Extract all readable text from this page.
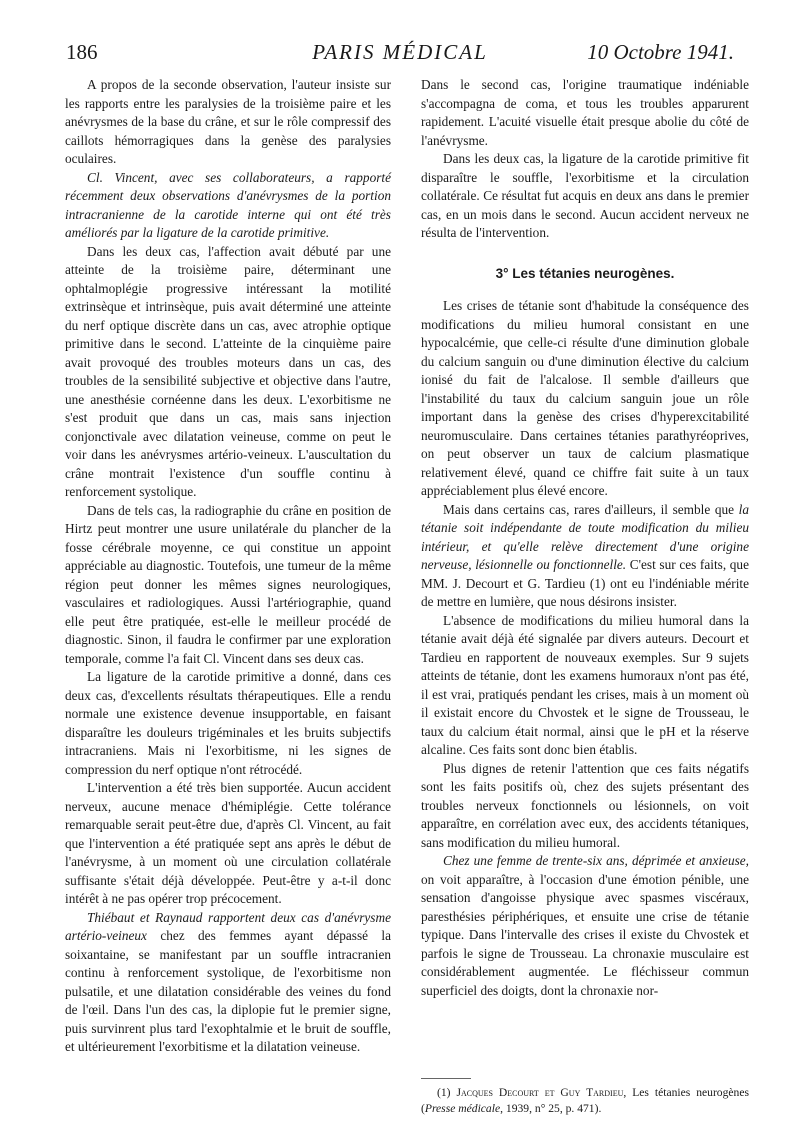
186	PARIS MÉDICAL	10 Octobre 1941.

A propos de la seconde observation, l'auteur insiste sur les rapports entre les paralysies de la troisième paire et les anévrysmes de la base du crâne, et sur le rôle compressif des caillots hémorragiques dans la genèse des paralysies oculaires.

Cl. Vincent, avec ses collaborateurs, a rapporté récemment deux observations d'anévrysmes de la portion intracranienne de la carotide interne qui ont été très améliorés par la ligature de la carotide primitive.

Dans les deux cas, l'affection avait débuté par une atteinte de la troisième paire, déterminant une ophtalmoplégie progressive intéressant la motilité extrinsèque et intrinsèque, puis avait déterminé une atteinte du nerf optique discrète dans un cas, avec atrophie optique primitive dans le second. L'atteinte de la cinquième paire avait provoqué des troubles moteurs dans un cas, des troubles de la sensibilité subjective et objective dans l'autre, une anesthésie cornéenne dans les deux. L'exorbitisme ne s'est produit que dans un cas, mais sans injection conjonctivale avec dilatation veineuse, comme on peut le voir dans les anévrysmes artério-veineux. L'auscultation du crâne montrait l'existence d'un souffle continu à renforcement systolique.

Dans de tels cas, la radiographie du crâne en position de Hirtz peut montrer une usure unilatérale du plancher de la fosse cérébrale moyenne, ce qui constitue un appoint appréciable au diagnostic. Toutefois, une tumeur de la même région peut donner les mêmes signes neurologiques, vasculaires et radiologiques. Aussi l'artériographie, quand elle peut être pratiquée, est-elle le meilleur procédé de diagnostic. Sinon, il faudra le confirmer par une exploration temporale, comme l'a fait Cl. Vincent dans ses deux cas.

La ligature de la carotide primitive a donné, dans ces deux cas, d'excellents résultats thérapeutiques. Elle a rendu normale une existence devenue insupportable, en faisant disparaître les douleurs trigéminales et les bruits subjectifs intracraniens. Mais ni l'exorbitisme, ni les signes de compression du nerf optique n'ont rétrocédé.

L'intervention a été très bien supportée. Aucun accident nerveux, aucune menace d'hémiplégie. Cette tolérance remarquable serait peut-être due, d'après Cl. Vincent, au fait que l'intervention a été pratiquée sept ans après le début de l'anévrysme, à un moment où une circulation collatérale suffisante s'était déjà développée. Peut-être y a-t-il donc intérêt à ne pas opérer trop précocement.

Thiébaut et Raynaud rapportent deux cas d'anévrysme artério-veineux chez des femmes ayant dépassé la soixantaine, se manifestant par un souffle intracranien continu à renforcement systolique, de l'exorbitisme non pulsatile, et une dilatation considérable des veines du fond de l'œil. Dans l'un des cas, la diplopie fut le premier signe, puis survinrent plus tard l'exophtalmie et le bruit de souffle, et ultérieurement l'exorbitisme et la dilatation veineuse.

Dans le second cas, l'origine traumatique indéniable s'accompagna de coma, et tous les troubles apparurent rapidement. L'acuité visuelle était presque abolie du côté de l'anévrysme.

Dans les deux cas, la ligature de la carotide primitive fit disparaître le souffle, l'exorbitisme et la circulation collatérale. Ce résultat fut acquis en deux ans dans le premier cas, en un mois dans le second. Aucun accident nerveux ne résulta de l'intervention.

3° Les tétanies neurogènes.

Les crises de tétanie sont d'habitude la conséquence des modifications du milieu humoral consistant en une hypocalcémie, que celle-ci résulte d'une diminution globale du calcium sanguin ou d'une diminution élective du calcium ionisé du fait de l'alcalose. Il semble d'ailleurs que l'instabilité du taux du calcium sanguin joue un rôle important dans la genèse des crises d'hyperexcitabilité neuromusculaire. Dans certaines tétanies parathyréoprives, on peut observer un taux de calcium plasmatique relativement élevé, quand ce chiffre fait suite à un taux appréciablement plus élevé encore.

Mais dans certains cas, rares d'ailleurs, il semble que la tétanie soit indépendante de toute modification du milieu intérieur, et qu'elle relève directement d'une origine nerveuse, lésionnelle ou fonctionnelle. C'est sur ces faits, que MM. J. Decourt et G. Tardieu (1) ont eu l'indéniable mérite de mettre en lumière, que nous désirons insister.

L'absence de modifications du milieu humoral dans la tétanie avait déjà été signalée par divers auteurs. Decourt et Tardieu en rapportent de nouveaux exemples. Sur 9 sujets atteints de tétanie, dont les examens humoraux n'ont pas été, il est vrai, pratiqués pendant les crises, mais à un moment où il existait encore du Chvostek et le signe de Trousseau, le taux du calcium était normal, ainsi que le pH et la réserve alcaline. Ces faits sont donc bien établis.

Plus dignes de retenir l'attention que ces faits négatifs sont les faits positifs où, chez des sujets présentant des troubles nerveux fonctionnels ou lésionnels, on voit apparaître, en corrélation avec eux, des accidents tétaniques, sans modification du milieu humoral.

Chez une femme de trente-six ans, déprimée et anxieuse, on voit apparaître, à l'occasion d'une émotion pénible, une sensation d'angoisse physique avec spasmes viscéraux, paresthésies périphériques, et ensuite une crise de tétanie typique. Dans l'intervalle des crises il existe du Chvostek et parfois le signe de Trousseau. La chronaxie musculaire est considérablement augmentée. Le fléchisseur commun superficiel des doigts, dont la chronaxie nor-

(1) Jacques Decourt et Guy Tardieu, Les tétanies neurogènes (Presse médicale, 1939, n° 25, p. 471).
